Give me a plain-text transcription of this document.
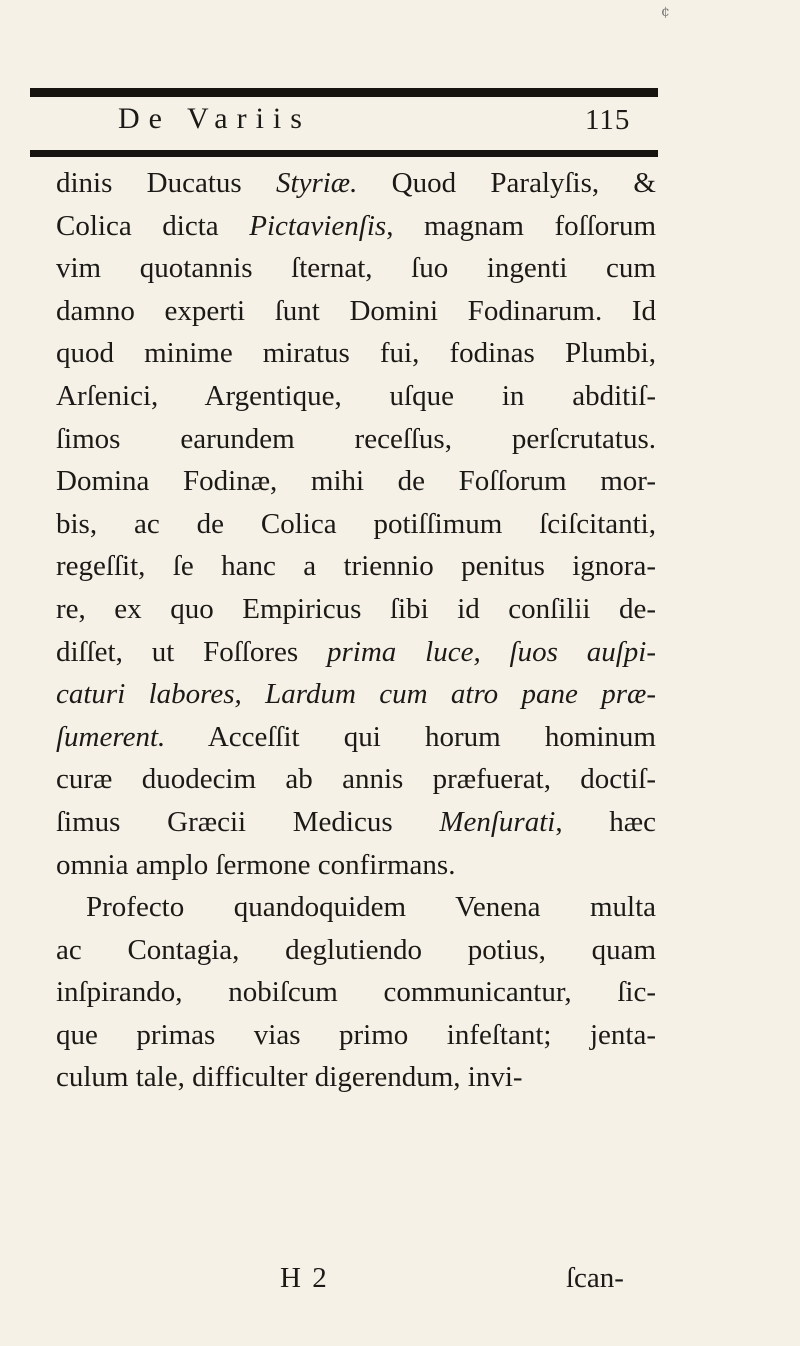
¢
De Variis	115
dinis Ducatus Styriæ. Quod Paralyſis, &
Colica dicta Pictavienſis, magnam foſſorum
vim quotannis ſternat, ſuo ingenti cum
damno experti ſunt Domini Fodinarum. Id
quod minime miratus fui, fodinas Plumbi,
Arſenici, Argentique, uſque in abditiſ-
ſimos earundem receſſus, perſcrutatus.
Domina Fodinæ, mihi de Foſſorum mor-
bis, ac de Colica potiſſimum ſciſcitanti,
regeſſit, ſe hanc a triennio penitus ignora-
re, ex quo Empiricus ſibi id conſilii de-
diſſet, ut Foſſores prima luce, ſuos auſpi-
caturi labores, Lardum cum atro pane præ-
ſumerent. Acceſſit qui horum hominum
curæ duodecim ab annis præfuerat, doctiſ-
ſimus Græcii Medicus Menſurati, hæc
omnia amplo ſermone confirmans.
Profecto quandoquidem Venena multa
ac Contagia, deglutiendo potius, quam
inſpirando, nobiſcum communicantur, ſic-
que primas vias primo infeſtant; jenta-
culum tale, difficulter digerendum, invi-
H 2	ſcan-
